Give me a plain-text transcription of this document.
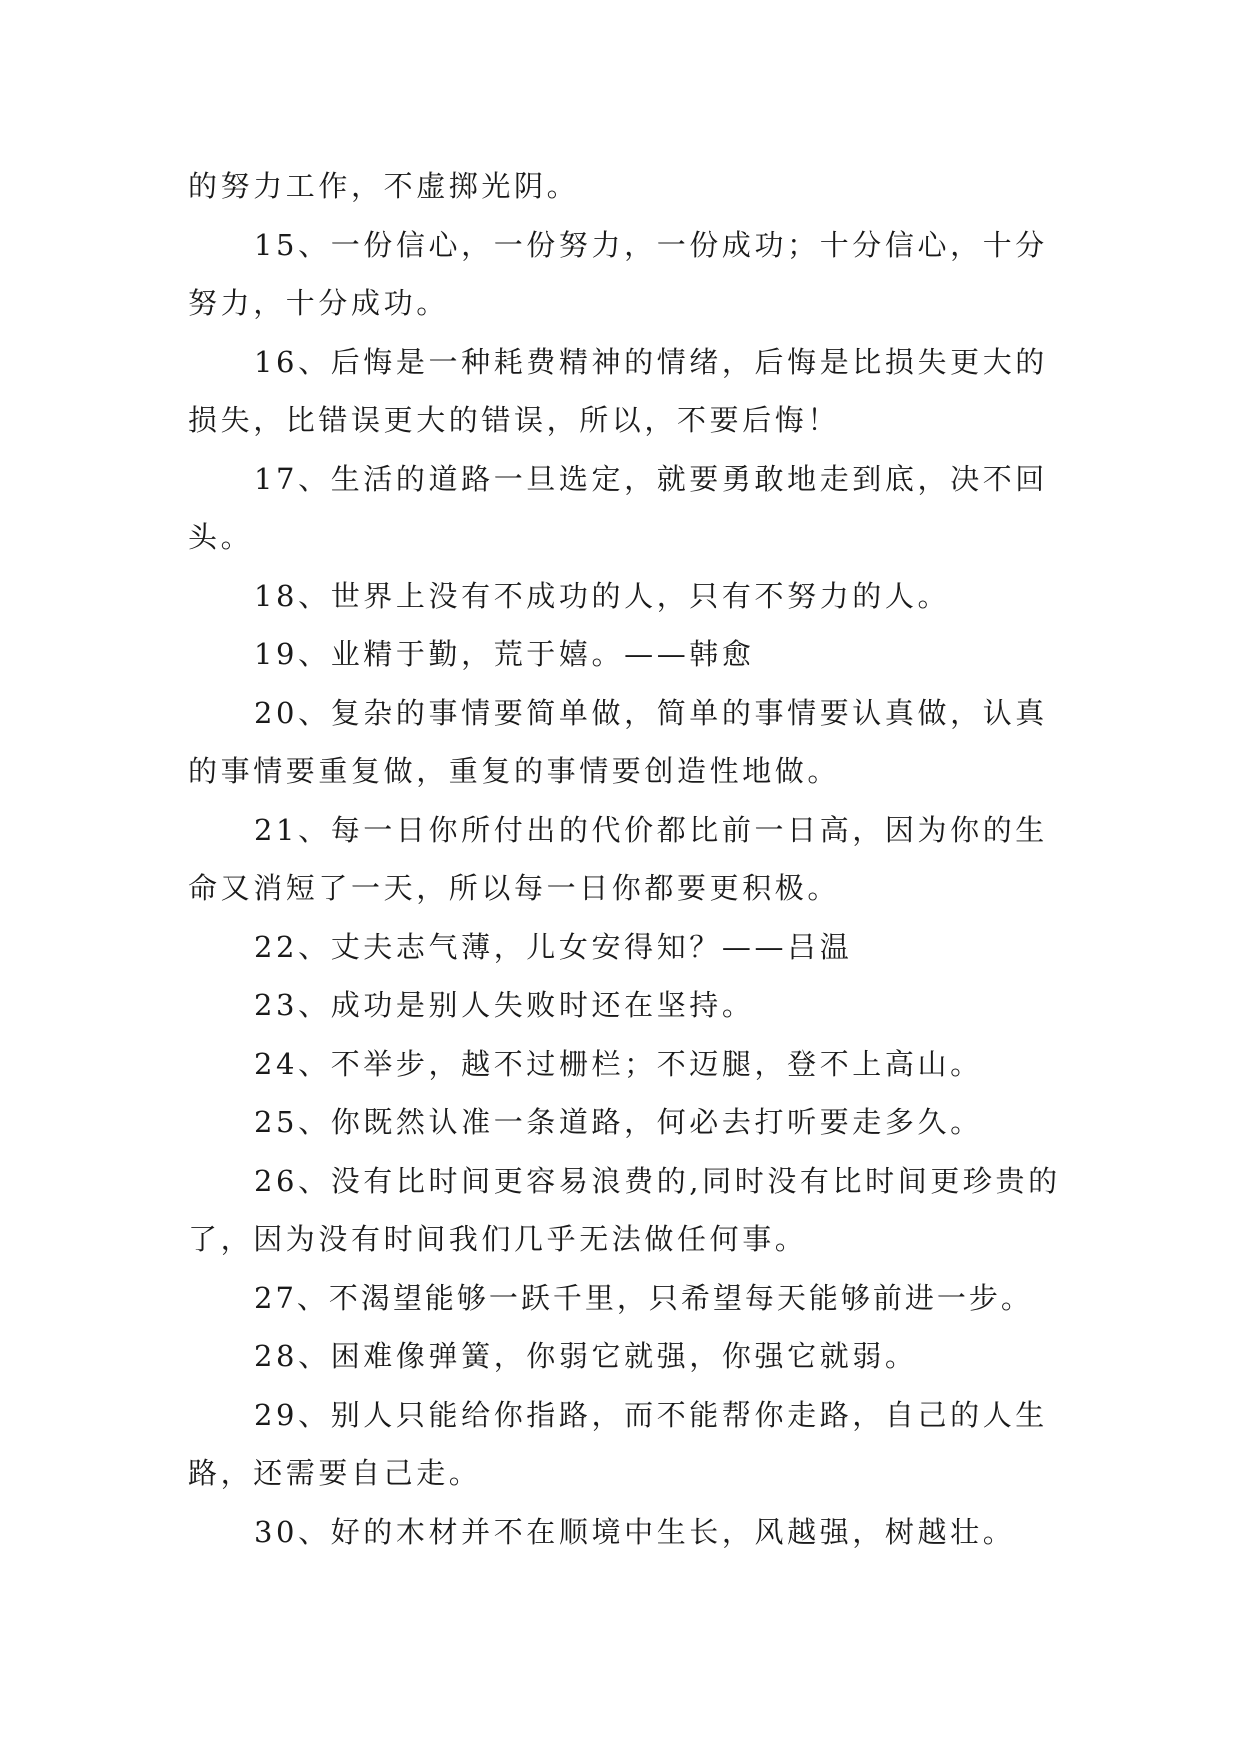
的努力工作，不虚掷光阴。

15、一份信心，一份努力，一份成功；十分信心，十分努力，十分成功。

16、后悔是一种耗费精神的情绪，后悔是比损失更大的损失，比错误更大的错误，所以，不要后悔！

17、生活的道路一旦选定，就要勇敢地走到底，决不回头。

18、世界上没有不成功的人，只有不努力的人。

19、业精于勤，荒于嬉。——韩愈

20、复杂的事情要简单做，简单的事情要认真做，认真的事情要重复做，重复的事情要创造性地做。

21、每一日你所付出的代价都比前一日高，因为你的生命又消短了一天，所以每一日你都要更积极。

22、丈夫志气薄，儿女安得知？——吕温

23、成功是别人失败时还在坚持。

24、不举步，越不过栅栏；不迈腿，登不上高山。

25、你既然认准一条道路，何必去打听要走多久。

26、没有比时间更容易浪费的,同时没有比时间更珍贵的了，因为没有时间我们几乎无法做任何事。

27、不渴望能够一跃千里，只希望每天能够前进一步。

28、困难像弹簧，你弱它就强，你强它就弱。

29、别人只能给你指路，而不能帮你走路，自己的人生路，还需要自己走。

30、好的木材并不在顺境中生长，风越强，树越壮。
